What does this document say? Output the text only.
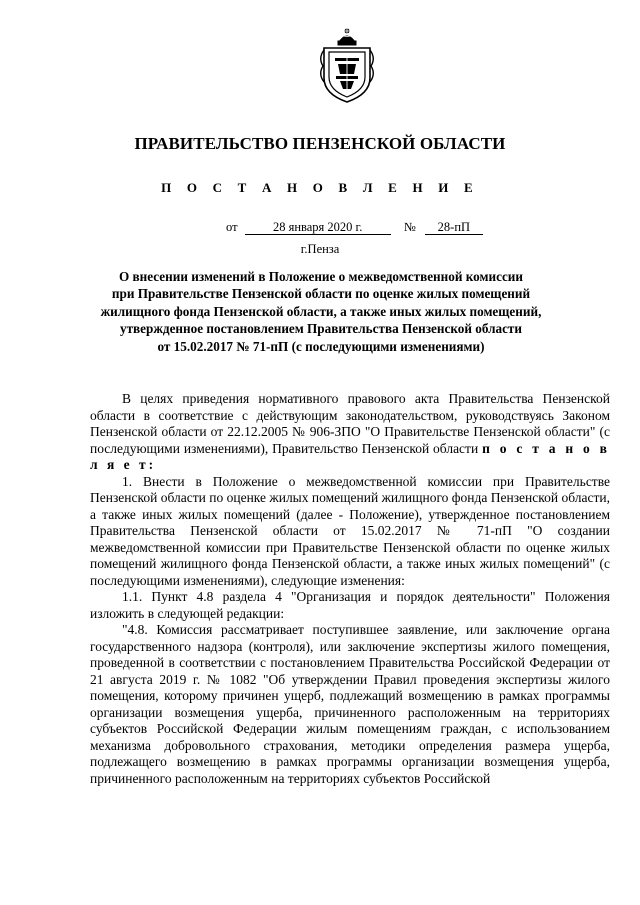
ПРАВИТЕЛЬСТВО ПЕНЗЕНСКОЙ ОБЛАСТИ
П О С Т А Н О В Л Е Н И Е
от	28 января 2020 г.	№ 28-пП
г.Пенза
О внесении изменений в Положение о межведомственной комиссии
при Правительстве Пензенской области по оценке жилых помещений
жилищного фонда Пензенской области, а также иных жилых помещений,
утвержденное постановлением Правительства Пензенской области
от 15.02.2017 № 71-пП (с последующими изменениями)

В целях приведения нормативного правового акта Правительства Пензенской области в соответствие с действующим законодательством, руководствуясь Законом Пензенской области от 22.12.2005 № 906-ЗПО "О Правительстве Пензенской области" (с последующими изменениями), Правительство Пензенской области п о с т а н о в л я е т:

1. Внести в Положение о межведомственной комиссии при Правительстве Пензенской области по оценке жилых помещений жилищного фонда Пензенской области, а также иных жилых помещений (далее - Положение), утвержденное постановлением Правительства Пензенской области от 15.02.2017 № 71-пП "О создании межведомственной комиссии при Правительстве Пензенской области по оценке жилых помещений жилищного фонда Пензенской области, а также иных жилых помещений" (с последующими изменениями), следующие изменения:

1.1. Пункт 4.8 раздела 4 "Организация и порядок деятельности" Положения изложить в следующей редакции:

"4.8. Комиссия рассматривает поступившее заявление, или заключение органа государственного надзора (контроля), или заключение экспертизы жилого помещения, проведенной в соответствии с постановлением Правительства Российской Федерации от 21 августа 2019 г. № 1082 "Об утверждении Правил проведения экспертизы жилого помещения, которому причинен ущерб, подлежащий возмещению в рамках программы организации возмещения ущерба, причиненного расположенным на территориях субъектов Российской Федерации жилым помещениям граждан, с использованием механизма добровольного страхования, методики определения размера ущерба, подлежащего возмещению в рамках программы организации возмещения ущерба, причиненного расположенным на территориях субъектов Российской
